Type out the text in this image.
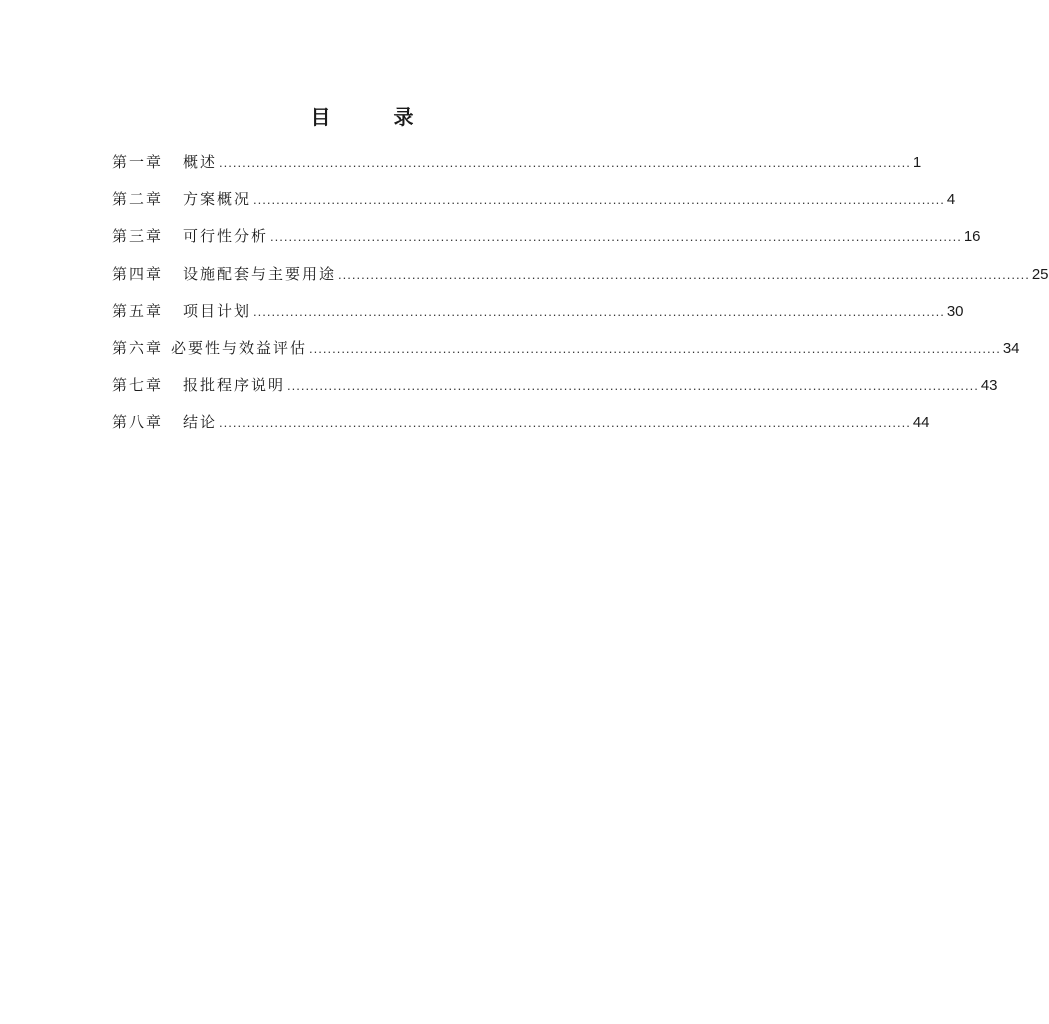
目 录
第一章 概述 ...................................................................................................................................................... 1
第二章 方案概况 ...................................................................................................................................................... 4
第三章 可行性分析 ...................................................................................................................................................... 16
第四章 设施配套与主要用途 ...................................................................................................................................................... 25
第五章 项目计划 ...................................................................................................................................................... 30
第六章 必要性与效益评估 ...................................................................................................................................................... 34
第七章 报批程序说明 ...................................................................................................................................................... 43
第八章 结论 ...................................................................................................................................................... 44
